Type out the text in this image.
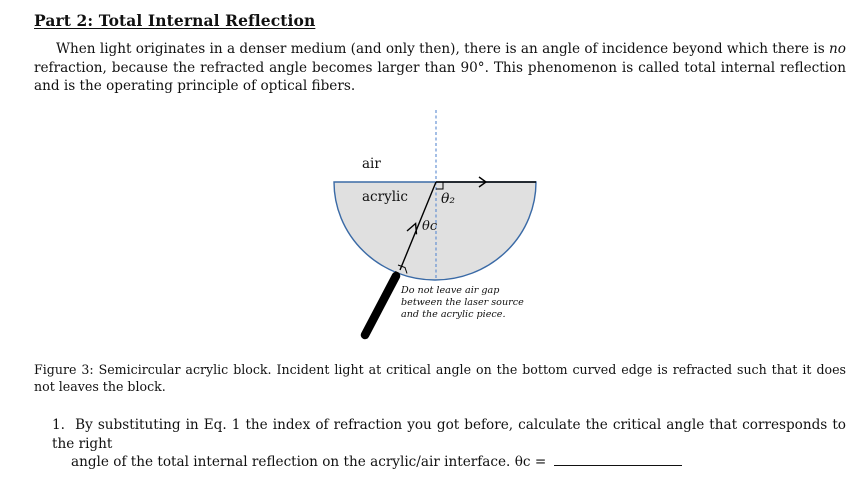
Part 2: Total Internal Reflection
When light originates in a denser medium (and only then), there is an angle of incidence beyond which there is no refraction, because the refracted angle becomes larger than 90°. This phenomenon is called total internal reflection and is the operating principle of optical fibers.
air
acrylic θ₂
θc
Do not leave air gap
between the laser source
and the acrylic piece.
Figure 3: Semicircular acrylic block. Incident light at critical angle on the bottom curved edge is refracted such that it does not leaves the block.
1. By substituting in Eq. 1 the index of refraction you got before, calculate the critical angle that corresponds to the right
angle of the total internal reflection on the acrylic/air interface. θc =
